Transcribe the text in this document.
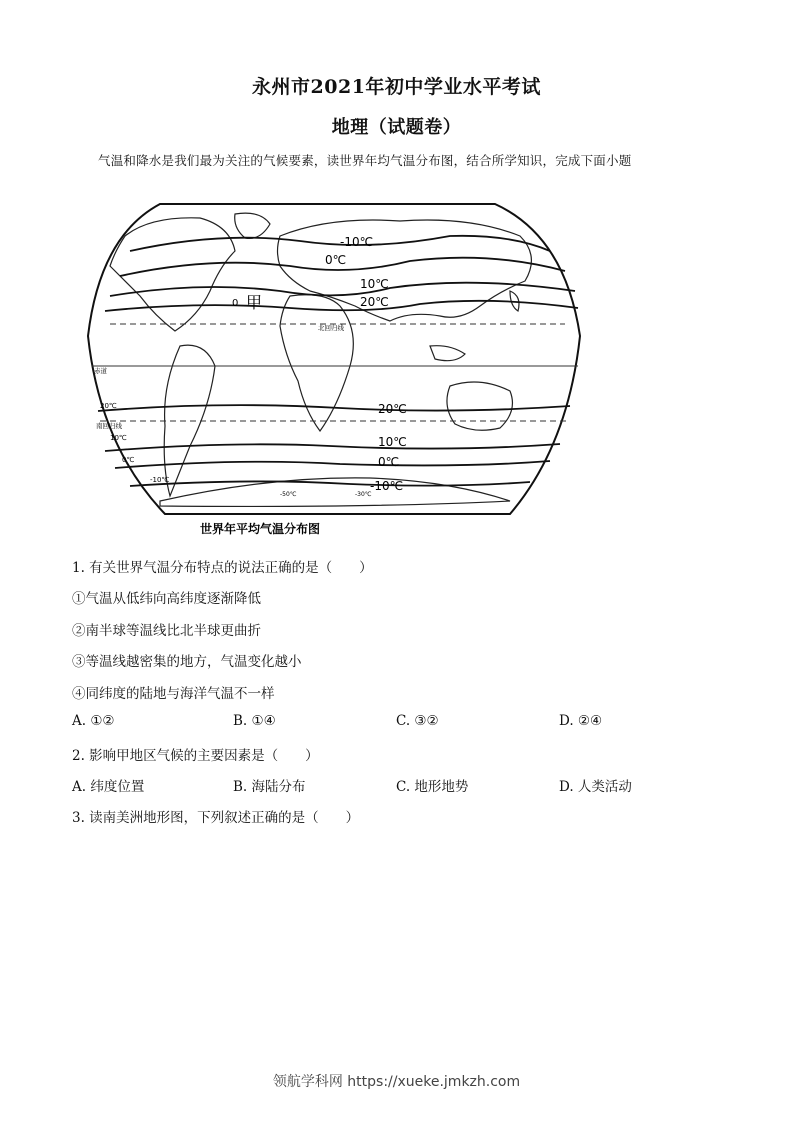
永州市2021年初中学业水平考试
地理（试题卷）
气温和降水是我们最为关注的气候要素，读世界年均气温分布图，结合所学知识，完成下面小题
-10℃
0℃
10℃
20℃
20℃
10℃
0℃
-10℃
北回归线
赤道
南回归线
0
20℃
10℃
0℃
-10℃
-50℃	-30℃
甲
世界年平均气温分布图
1. 有关世界气温分布特点的说法正确的是（　　）
①气温从低纬向高纬度逐渐降低
②南半球等温线比北半球更曲折
③等温线越密集的地方，气温变化越小
④同纬度的陆地与海洋气温不一样
A. ①②	B. ①④	C. ③②	D. ②④
2. 影响甲地区气候的主要因素是（　　）
A. 纬度位置	B. 海陆分布	C. 地形地势	D. 人类活动
3. 读南美洲地形图，下列叙述正确的是（　　）
领航学科网 https://xueke.jmkzh.com
